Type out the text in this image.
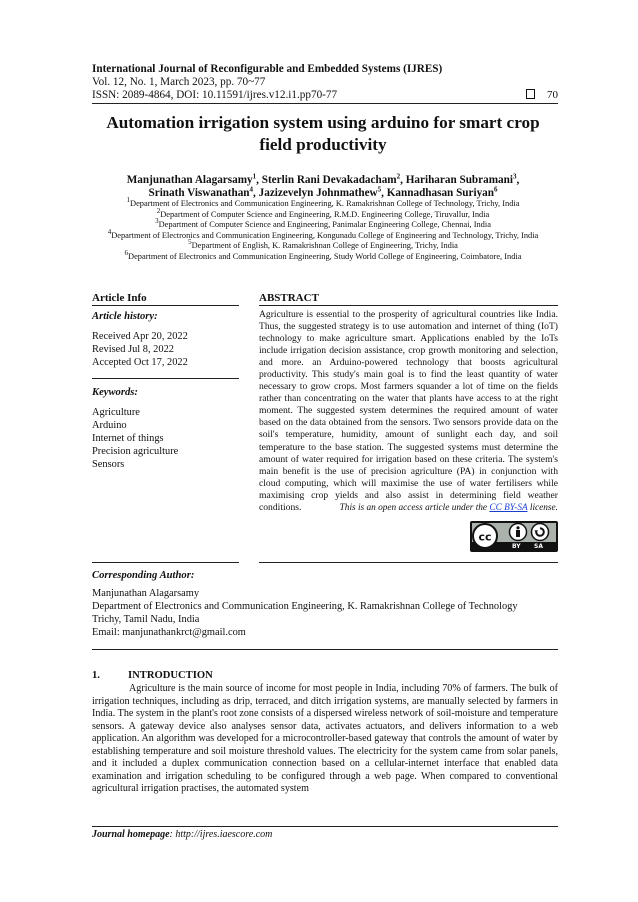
International Journal of Reconfigurable and Embedded Systems (IJRES)
Vol. 12, No. 1, March 2023, pp. 70~77
ISSN: 2089-4864, DOI: 10.11591/ijres.v12.i1.pp70-77	70
Automation irrigation system using arduino for smart crop field productivity
Manjunathan Alagarsamy$^1$, Sterlin Rani Devakadacham$^2$, Hariharan Subramani$^3$,
Srinath Viswanathan$^4$, Jazizevelyn Johnmathew$^5$, Kannadhasan Suriyan$^6$
$^1$Department of Electronics and Communication Engineering, K. Ramakrishnan College of Technology, Trichy, India
$^2$Department of Computer Science and Engineering, R.M.D. Engineering College, Tiruvallur, India
$^3$Department of Computer Science and Engineering, Panimalar Engineering College, Chennai, India
$^4$Department of Electronics and Communication Engineering, Kongunadu College of Engineering and Technology, Trichy, India
$^5$Department of English, K. Ramakrishnan College of Engineering, Trichy, India
$^6$Department of Electronics and Communication Engineering, Study World College of Engineering, Coimbatore, India
Article Info	ABSTRACT
Article history:
Received Apr 20, 2022
Revised Jul 8, 2022
Accepted Oct 17, 2022
Keywords:
Agriculture
Arduino
Internet of things
Precision agriculture
Sensors
Agriculture is essential to the prosperity of agricultural countries like India. Thus, the suggested strategy is to use automation and internet of thing (IoT) technology to make agriculture smart. Applications enabled by the IoTs include irrigation decision assistance, crop growth monitoring and selection, and more. an Arduino-powered technology that boosts agricultural productivity. This study's main goal is to find the least quantity of water necessary to grow crops. Most farmers squander a lot of time on the fields rather than concentrating on the water that plants have access to at the right moment. The suggested system determines the required amount of water based on the data obtained from the sensors. Two sensors provide data on the soil's temperature, humidity, amount of sunlight each day, and soil temperature to the base station. The suggested systems must determine the amount of water required for irrigation based on these criteria. The system's main benefit is the use of precision agriculture (PA) in conjunction with cloud computing, which will maximise the use of water fertilisers while maximising crop yields and also assist in determining field weather conditions.	This is an open access article under the CC BY-SA license.
cc
BY SA
Corresponding Author:
Manjunathan Alagarsamy
Department of Electronics and Communication Engineering, K. Ramakrishnan College of Technology
Trichy, Tamil Nadu, India
Email: manjunathankrct@gmail.com
1.	INTRODUCTION
Agriculture is the main source of income for most people in India, including 70% of farmers. The bulk of irrigation techniques, including as drip, terraced, and ditch irrigation systems, are manually selected by farmers in India. The system in the plant's root zone consists of a dispersed wireless network of soil-moisture and temperature sensors. A gateway device also analyses sensor data, activates actuators, and delivers information to a web application. An algorithm was developed for a microcontroller-based gateway that controls the amount of water by establishing temperature and soil moisture threshold values. The electricity for the system came from solar panels, and it included a duplex communication connection based on a cellular-internet interface that enabled data examination and irrigation scheduling to be configured through a web page. When compared to conventional agricultural irrigation practises, the automated system
Journal homepage: http://ijres.iaescore.com
